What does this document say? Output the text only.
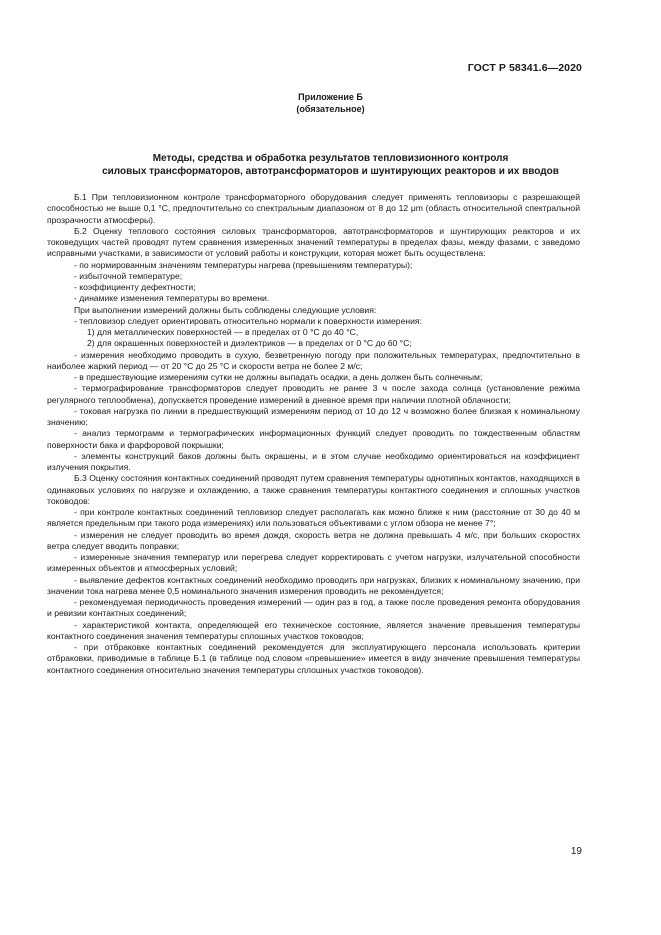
ГОСТ Р 58341.6—2020
Приложение Б
(обязательное)
Методы, средства и обработка результатов тепловизионного контроля
силовых трансформаторов, автотрансформаторов и шунтирующих реакторов и их вводов

Б.1 При тепловизионном контроле трансформаторного оборудования следует применять тепловизоры с разрешающей способностью не выше 0,1 °С, предпочтительно со спектральным диапазоном от 8 до 12 μm (область относительной спектральной прозрачности атмосферы).

Б.2 Оценку теплового состояния силовых трансформаторов, автотрансформаторов и шунтирующих реакторов и их токоведущих частей проводят путем сравнения измеренных значений температуры в пределах фазы, между фазами, с заведомо исправными участками, в зависимости от условий работы и конструкции, которая может быть осуществлена:

- по нормированным значениям температуры нагрева (превышениям температуры);

- избыточной температуре;

- коэффициенту дефектности;

- динамике изменения температуры во времени.

При выполнении измерений должны быть соблюдены следующие условия:

- тепловизор следует ориентировать относительно нормали к поверхности измерения:

1) для металлических поверхностей — в пределах от 0 °С до 40 °С,

2) для окрашенных поверхностей и диэлектриков — в пределах от 0 °С до 60 °С;

- измерения необходимо проводить в сухую, безветренную погоду при положительных температурах, предпочтительно в наиболее жаркий период — от 20 °С до 25 °С и скорости ветра не более 2 м/с;

- в предшествующие измерениям сутки не должны выпадать осадки, а день должен быть солнечным;

- термографирование трансформаторов следует проводить не ранее 3 ч после захода солнца (установление режима регулярного теплообмена), допускается проведение измерений в дневное время при наличии плотной облачности;

- токовая нагрузка по линии в предшествующий измерениям период от 10 до 12 ч возможно более близкая к номинальному значению;

- анализ термограмм и термографических информационных функций следует проводить по тождественным областям поверхности бака и фарфоровой покрышки;

- элементы конструкций баков должны быть окрашены, и в этом случае необходимо ориентироваться на коэффициент излучения покрытия.

Б.3 Оценку состояния контактных соединений проводят путем сравнения температуры однотипных контактов, находящихся в одинаковых условиях по нагрузке и охлаждению, а также сравнения температуры контактного соединения и сплошных участков тоководов:

- при контроле контактных соединений тепловизор следует располагать как можно ближе к ним (расстояние от 30 до 40 м является предельным при такого рода измерениях) или пользоваться объективами с углом обзора не менее 7°;

- измерения не следует проводить во время дождя, скорость ветра не должна превышать 4 м/с, при больших скоростях ветра следует вводить поправки;

- измеренные значения температур или перегрева следует корректировать с учетом нагрузки, излучательной способности измеренных объектов и атмосферных условий;

- выявление дефектов контактных соединений необходимо проводить при нагрузках, близких к номинальному значению, при значении тока нагрева менее 0,5 номинального значения измерения проводить не рекомендуется;

- рекомендуемая периодичность проведения измерений — один раз в год, а также после проведения ремонта оборудования и ревизии контактных соединений;

- характеристикой контакта, определяющей его техническое состояние, является значение превышения температуры контактного соединения значения температуры сплошных участков тоководов;

- при отбраковке контактных соединений рекомендуется для эксплуатирующего персонала использовать критерии отбраковки, приводимые в таблице Б.1 (в таблице под словом «превышение» имеется в виду значение превышения температуры контактного соединения относительно значения температуры сплошных участков тоководов).

19
